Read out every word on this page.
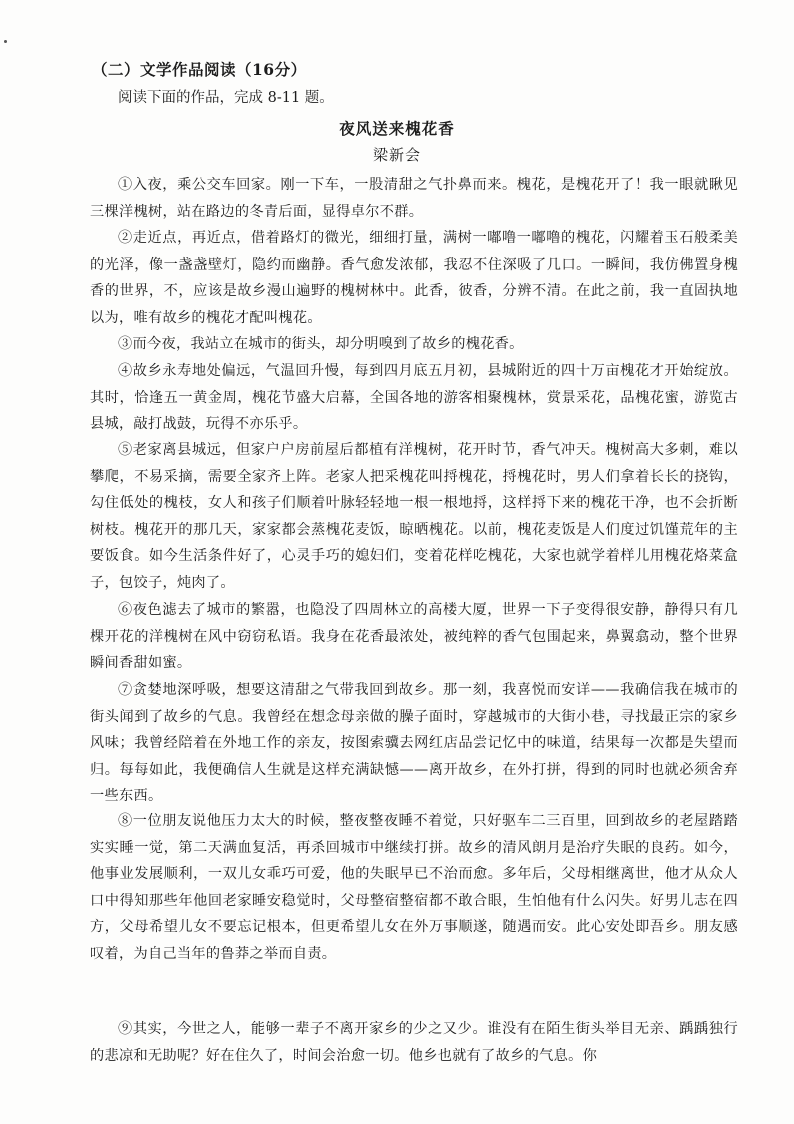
（二）文学作品阅读（16分）
阅读下面的作品，完成 8-11 题。
夜风送来槐花香
梁新会

①入夜，乘公交车回家。刚一下车，一股清甜之气扑鼻而来。槐花，是槐花开了！我一眼就瞅见三棵洋槐树，站在路边的冬青后面，显得卓尔不群。

②走近点，再近点，借着路灯的微光，细细打量，满树一嘟噜一嘟噜的槐花，闪耀着玉石般柔美的光泽，像一盏盏壁灯，隐约而幽静。香气愈发浓郁，我忍不住深吸了几口。一瞬间，我仿佛置身槐香的世界，不，应该是故乡漫山遍野的槐树林中。此香，彼香，分辨不清。在此之前，我一直固执地以为，唯有故乡的槐花才配叫槐花。

③而今夜，我站立在城市的街头，却分明嗅到了故乡的槐花香。

④故乡永寿地处偏远，气温回升慢，每到四月底五月初，县城附近的四十万亩槐花才开始绽放。其时，恰逢五一黄金周，槐花节盛大启幕，全国各地的游客相聚槐林，赏景采花，品槐花蜜，游览古县城，敲打战鼓，玩得不亦乐乎。

⑤老家离县城远，但家户户房前屋后都植有洋槐树，花开时节，香气冲天。槐树高大多刺，难以攀爬，不易采摘，需要全家齐上阵。老家人把采槐花叫捋槐花，捋槐花时，男人们拿着长长的挠钩，勾住低处的槐枝，女人和孩子们顺着叶脉轻轻地一根一根地捋，这样捋下来的槐花干净，也不会折断树枝。槐花开的那几天，家家都会蒸槐花麦饭，晾晒槐花。以前，槐花麦饭是人们度过饥馑荒年的主要饭食。如今生活条件好了，心灵手巧的媳妇们，变着花样吃槐花，大家也就学着样儿用槐花烙菜盒子，包饺子，炖肉了。

⑥夜色滤去了城市的繁嚣，也隐没了四周林立的高楼大厦，世界一下子变得很安静，静得只有几棵开花的洋槐树在风中窃窃私语。我身在花香最浓处，被纯粹的香气包围起来，鼻翼翕动，整个世界瞬间香甜如蜜。

⑦贪婪地深呼吸，想要这清甜之气带我回到故乡。那一刻，我喜悦而安详——我确信我在城市的街头闻到了故乡的气息。我曾经在想念母亲做的臊子面时，穿越城市的大街小巷，寻找最正宗的家乡风味；我曾经陪着在外地工作的亲友，按图索骥去网红店品尝记忆中的味道，结果每一次都是失望而归。每每如此，我便确信人生就是这样充满缺憾——离开故乡，在外打拼，得到的同时也就必须舍弃一些东西。

⑧一位朋友说他压力太大的时候，整夜整夜睡不着觉，只好驱车二三百里，回到故乡的老屋踏踏实实睡一觉，第二天满血复活，再杀回城市中继续打拼。故乡的清风朗月是治疗失眠的良药。如今，他事业发展顺利，一双儿女乖巧可爱，他的失眠早已不治而愈。多年后，父母相继离世，他才从众人口中得知那些年他回老家睡安稳觉时，父母整宿整宿都不敢合眼，生怕他有什么闪失。好男儿志在四方，父母希望儿女不要忘记根本，但更希望儿女在外万事顺遂，随遇而安。此心安处即吾乡。朋友感叹着，为自己当年的鲁莽之举而自责。

⑨其实，今世之人，能够一辈子不离开家乡的少之又少。谁没有在陌生街头举目无亲、踽踽独行的悲凉和无助呢？好在住久了，时间会治愈一切。他乡也就有了故乡的气息。你
